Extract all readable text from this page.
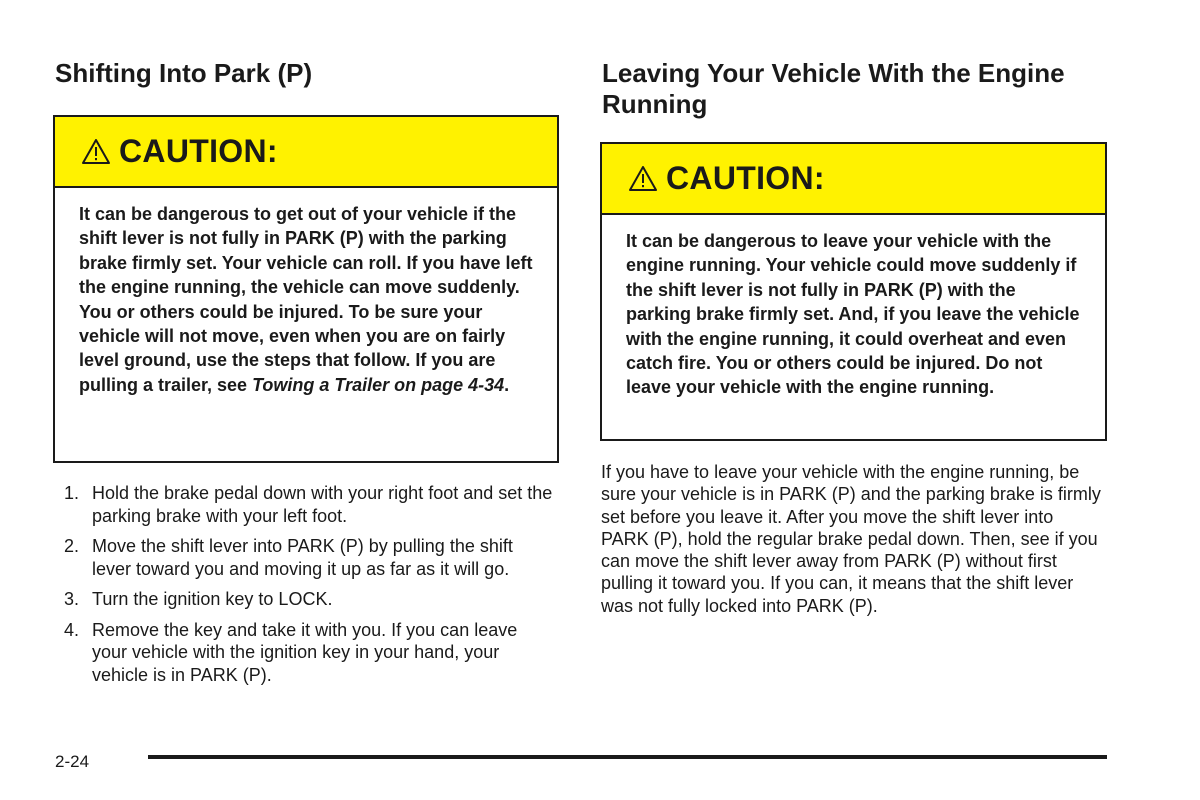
Shifting Into Park (P)
CAUTION:

It can be dangerous to get out of your vehicle if the shift lever is not fully in PARK (P) with the parking brake firmly set. Your vehicle can roll. If you have left the engine running, the vehicle can move suddenly. You or others could be injured. To be sure your vehicle will not move, even when you are on fairly level ground, use the steps that follow. If you are pulling a trailer, see Towing a Trailer on page 4-34.

1. Hold the brake pedal down with your right foot and set the parking brake with your left foot.
2. Move the shift lever into PARK (P) by pulling the shift lever toward you and moving it up as far as it will go.
3. Turn the ignition key to LOCK.
4. Remove the key and take it with you. If you can leave your vehicle with the ignition key in your hand, your vehicle is in PARK (P).
Leaving Your Vehicle With the Engine Running
CAUTION:

It can be dangerous to leave your vehicle with the engine running. Your vehicle could move suddenly if the shift lever is not fully in PARK (P) with the parking brake firmly set. And, if you leave the vehicle with the engine running, it could overheat and even catch fire. You or others could be injured. Do not leave your vehicle with the engine running.

If you have to leave your vehicle with the engine running, be sure your vehicle is in PARK (P) and the parking brake is firmly set before you leave it. After you move the shift lever into PARK (P), hold the regular brake pedal down. Then, see if you can move the shift lever away from PARK (P) without first pulling it toward you. If you can, it means that the shift lever was not fully locked into PARK (P).

2-24
